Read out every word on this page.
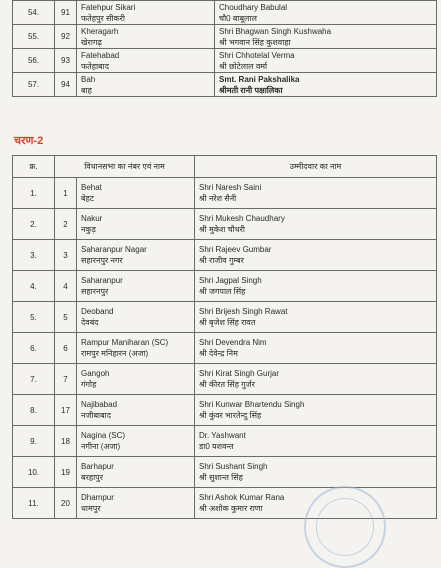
54.	91	Fatehpur Sikari
फतेहपुर सीकरी	Choudhary Babulal
चौ0 बाबूलाल

55.	92	Kheragarh
खेरागढ़	Shri Bhagwan Singh Kushwaha
श्री भगवान सिंह कुशवाहा

56.	93	Fatehabad
फतेहाबाद	Shri Chhotelal Verma
श्री छोटेलाल वर्मा

57.	94	Bah
बाह	Smt. Rani Pakshalika
श्रीमती रानी पक्षालिका
चरण-2
क्र.	विधानसभा का नंबर एवं नाम		उम्मीदवार का नाम
1.	1	Behat
बेहट	Shri Naresh Saini
श्री नरेश सैनी

2.	2	Nakur
नकुड़	Shri Mukesh Chaudhary
श्री मुकेश चौधरी

3.	3	Saharanpur Nagar
सहारनपुर नगर	Shri Rajeev Gumbar
श्री राजीव गुम्बर

4.	4	Saharanpur
सहारनपुर	Shri Jagpal Singh
श्री जगपाल सिंह

5.	5	Deoband
देवबंद	Shri Brijesh Singh Rawat
श्री बृजेश सिंह रावत

6.	6	Rampur Maniharan (SC)
रामपुर मनिहारन (अजा)	Shri Devendra Nim
श्री देवेन्द्र निम

7.	7	Gangoh
गंगोह	Shri Kirat Singh Gurjar
श्री कीरत सिंह गुर्जर

8.	17	Najibabad
नजीबाबाद	Shri Kunwar Bhartendu Singh
श्री कुंवर भारतेन्दु सिंह

9.	18	Nagina (SC)
नगीना (अजा)	Dr. Yashwant
डा0 यशवन्त

10.	19	Barhapur
बरहापुर	Shri Sushant Singh
श्री सुशान्त सिंह

11.	20	Dhampur
धामपुर	Shri Ashok Kumar Rana
श्री अशोक कुमार राणा
